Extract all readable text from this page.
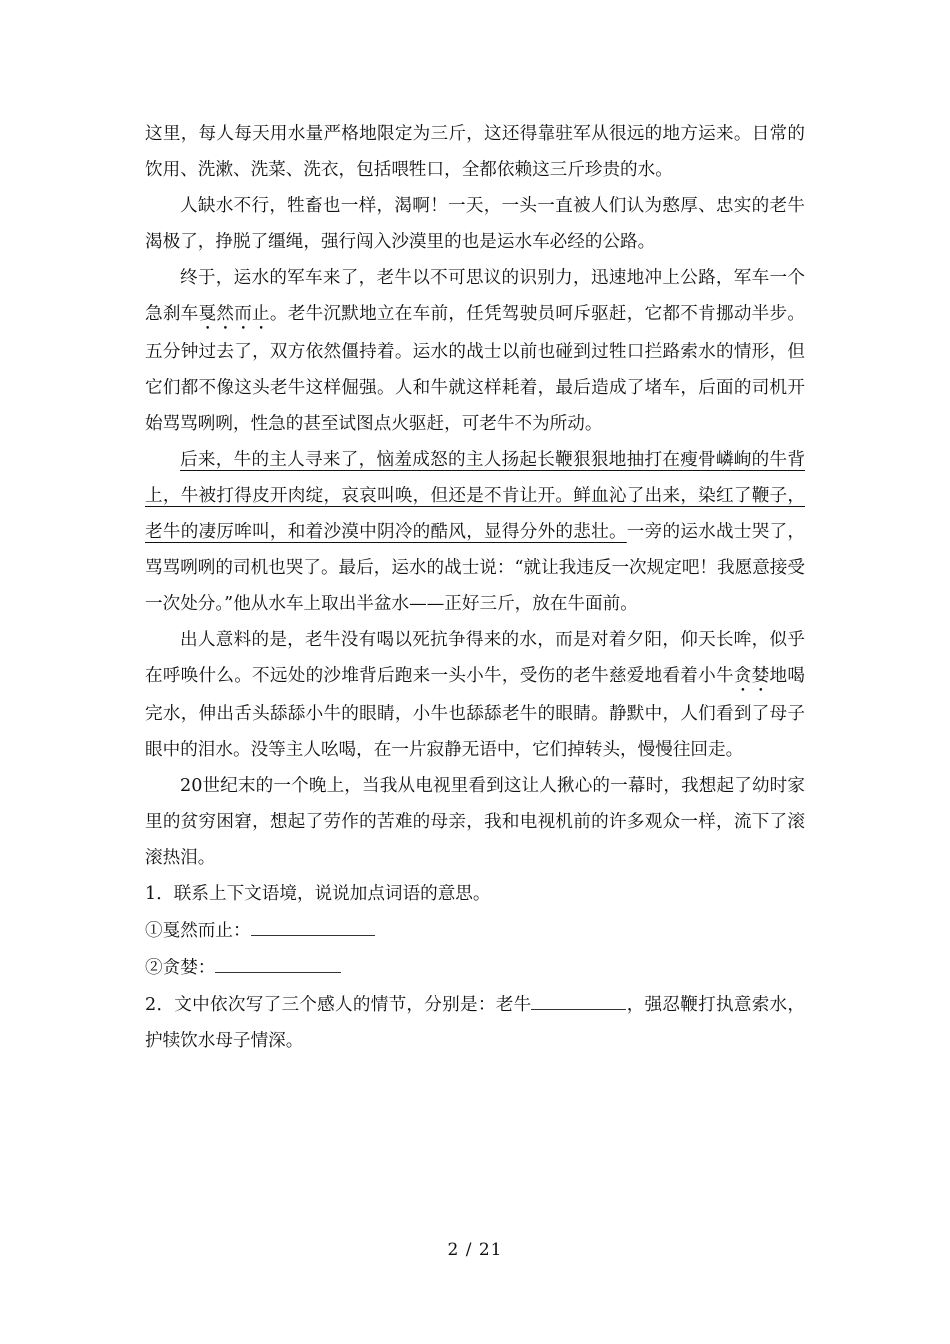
这里，每人每天用水量严格地限定为三斤，这还得靠驻军从很远的地方运来。日常的饮用、洗漱、洗菜、洗衣，包括喂牲口，全都依赖这三斤珍贵的水。

人缺水不行，牲畜也一样，渴啊！一天，一头一直被人们认为憨厚、忠实的老牛渴极了，挣脱了缰绳，强行闯入沙漠里的也是运水车必经的公路。

终于，运水的军车来了，老牛以不可思议的识别力，迅速地冲上公路，军车一个急刹车戛然而止。老牛沉默地立在车前，任凭驾驶员呵斥驱赶，它都不肯挪动半步。五分钟过去了，双方依然僵持着。运水的战士以前也碰到过牲口拦路索水的情形，但它们都不像这头老牛这样倔强。人和牛就这样耗着，最后造成了堵车，后面的司机开始骂骂咧咧，性急的甚至试图点火驱赶，可老牛不为所动。

后来，牛的主人寻来了，恼羞成怒的主人扬起长鞭狠狠地抽打在瘦骨嶙峋的牛背上，牛被打得皮开肉绽，哀哀叫唤，但还是不肯让开。鲜血沁了出来，染红了鞭子，老牛的凄厉哞叫，和着沙漠中阴冷的酷风，显得分外的悲壮。一旁的运水战士哭了，骂骂咧咧的司机也哭了。最后，运水的战士说：“就让我违反一次规定吧！我愿意接受一次处分。”他从水车上取出半盆水——正好三斤，放在牛面前。

出人意料的是，老牛没有喝以死抗争得来的水，而是对着夕阳，仰天长哞，似乎在呼唤什么。不远处的沙堆背后跑来一头小牛，受伤的老牛慈爱地看着小牛贪婪地喝完水，伸出舌头舔舔小牛的眼睛，小牛也舔舔老牛的眼睛。静默中，人们看到了母子眼中的泪水。没等主人吆喝，在一片寂静无语中，它们掉转头，慢慢往回走。

20世纪末的一个晚上，当我从电视里看到这让人揪心的一幕时，我想起了幼时家里的贫穷困窘，想起了劳作的苦难的母亲，我和电视机前的许多观众一样，流下了滚滚热泪。

1．联系上下文语境，说说加点词语的意思。

①戛然而止：

②贪婪：

2．文中依次写了三个感人的情节，分别是：老牛	，强忍鞭打执意索水，护犊饮水母子情深。

2 / 21
